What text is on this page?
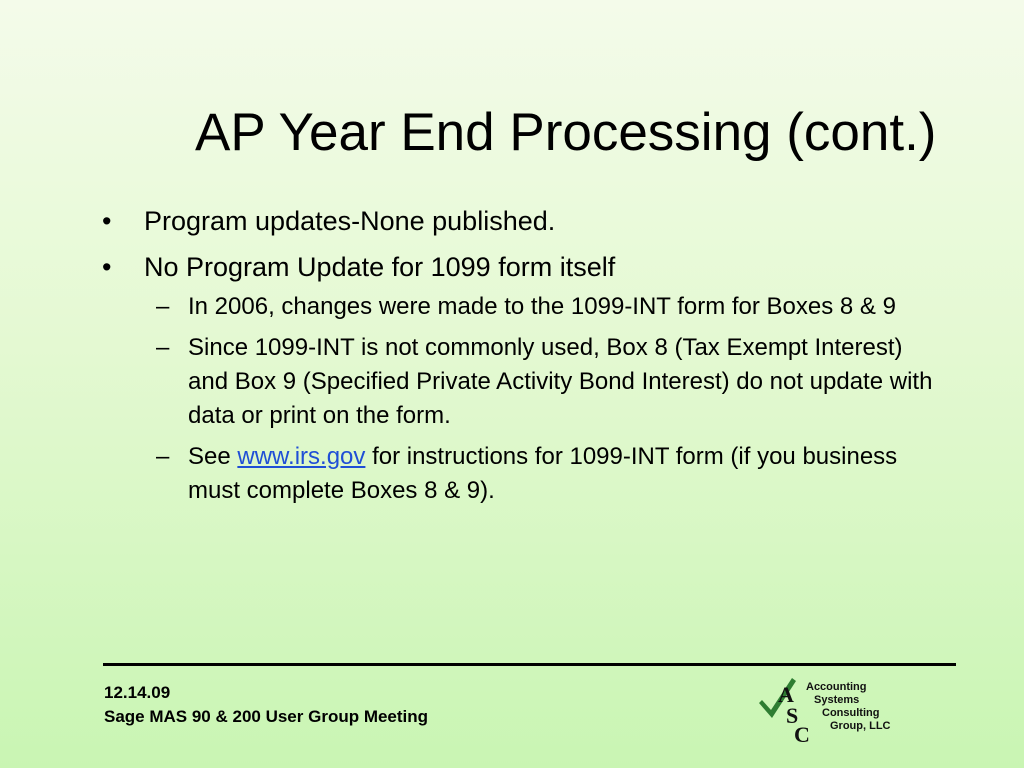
AP Year End Processing (cont.)
• Program updates-None published.
• No Program Update for 1099 form itself
– In 2006, changes were made to the 1099-INT form for Boxes 8 & 9
– Since 1099-INT is not commonly used, Box 8 (Tax Exempt Interest) and Box 9 (Specified Private Activity Bond Interest) do not update with data or print on the form.
– See www.irs.gov for instructions for 1099-INT form (if you business must complete Boxes 8 & 9).
12.14.09
Sage MAS 90 & 200 User Group Meeting
A
S
C
Accounting
Systems
Consulting
Group, LLC
